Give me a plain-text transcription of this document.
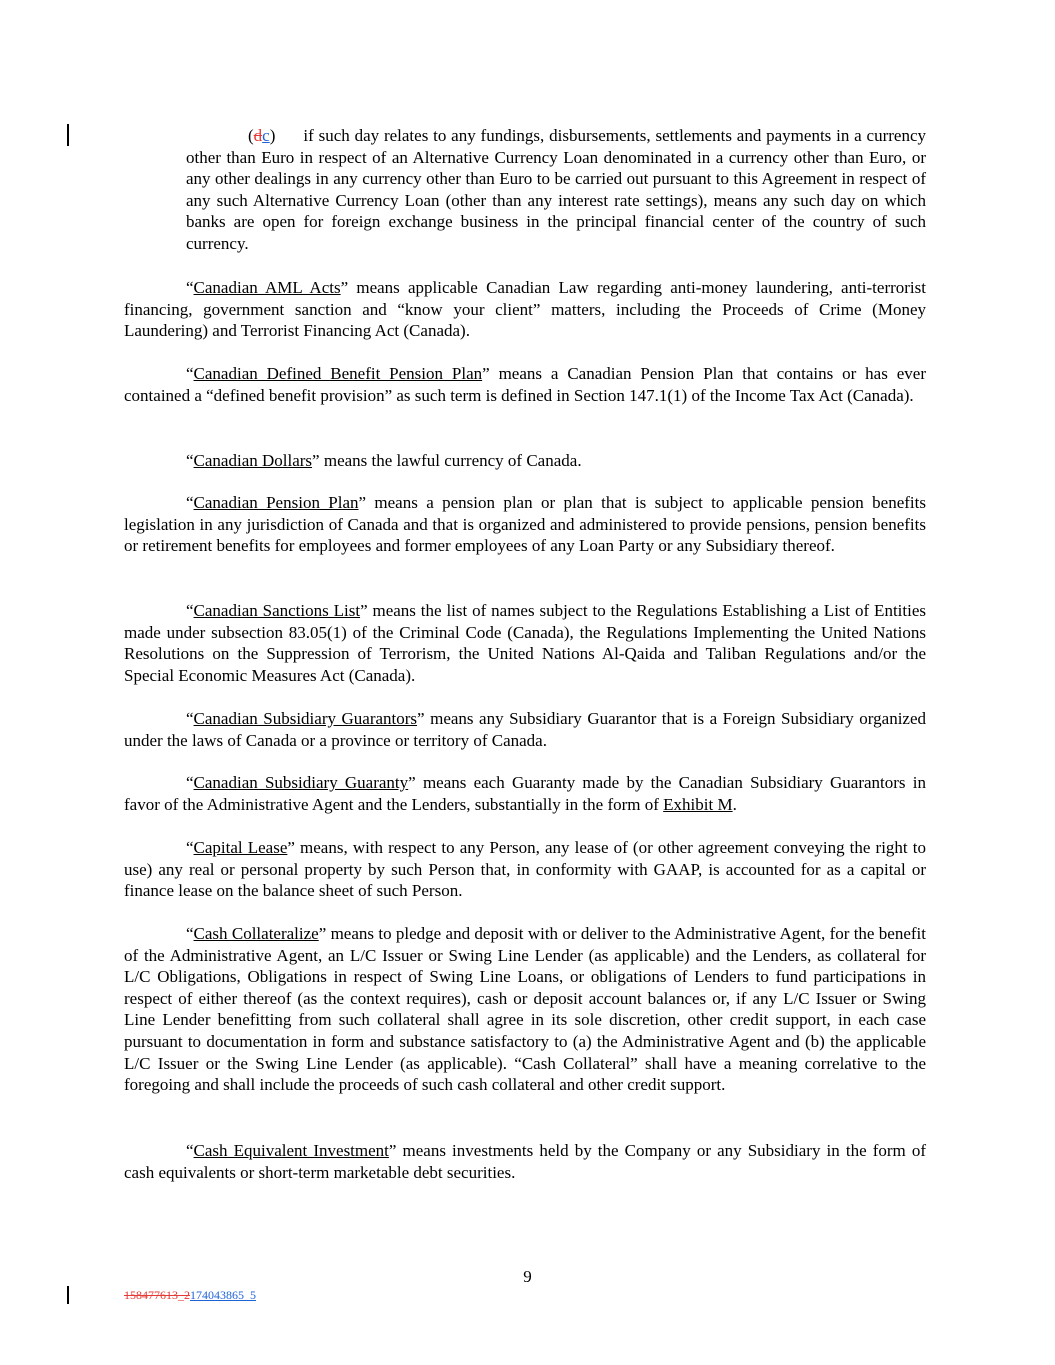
(dc) if such day relates to any fundings, disbursements, settlements and payments in a currency other than Euro in respect of an Alternative Currency Loan denominated in a currency other than Euro, or any other dealings in any currency other than Euro to be carried out pursuant to this Agreement in respect of any such Alternative Currency Loan (other than any interest rate settings), means any such day on which banks are open for foreign exchange business in the principal financial center of the country of such currency.
“Canadian AML Acts” means applicable Canadian Law regarding anti-money laundering, anti-terrorist financing, government sanction and “know your client” matters, including the Proceeds of Crime (Money Laundering) and Terrorist Financing Act (Canada).
“Canadian Defined Benefit Pension Plan” means a Canadian Pension Plan that contains or has ever contained a “defined benefit provision” as such term is defined in Section 147.1(1) of the Income Tax Act (Canada).
“Canadian Dollars” means the lawful currency of Canada.
“Canadian Pension Plan” means a pension plan or plan that is subject to applicable pension benefits legislation in any jurisdiction of Canada and that is organized and administered to provide pensions, pension benefits or retirement benefits for employees and former employees of any Loan Party or any Subsidiary thereof.
“Canadian Sanctions List” means the list of names subject to the Regulations Establishing a List of Entities made under subsection 83.05(1) of the Criminal Code (Canada), the Regulations Implementing the United Nations Resolutions on the Suppression of Terrorism, the United Nations Al-Qaida and Taliban Regulations and/or the Special Economic Measures Act (Canada).
“Canadian Subsidiary Guarantors” means any Subsidiary Guarantor that is a Foreign Subsidiary organized under the laws of Canada or a province or territory of Canada.
“Canadian Subsidiary Guaranty” means each Guaranty made by the Canadian Subsidiary Guarantors in favor of the Administrative Agent and the Lenders, substantially in the form of Exhibit M.
“Capital Lease” means, with respect to any Person, any lease of (or other agreement conveying the right to use) any real or personal property by such Person that, in conformity with GAAP, is accounted for as a capital or finance lease on the balance sheet of such Person.
“Cash Collateralize” means to pledge and deposit with or deliver to the Administrative Agent, for the benefit of the Administrative Agent, an L/C Issuer or Swing Line Lender (as applicable) and the Lenders, as collateral for L/C Obligations, Obligations in respect of Swing Line Loans, or obligations of Lenders to fund participations in respect of either thereof (as the context requires), cash or deposit account balances or, if any L/C Issuer or Swing Line Lender benefitting from such collateral shall agree in its sole discretion, other credit support, in each case pursuant to documentation in form and substance satisfactory to (a) the Administrative Agent and (b) the applicable L/C Issuer or the Swing Line Lender (as applicable). “Cash Collateral” shall have a meaning correlative to the foregoing and shall include the proceeds of such cash collateral and other credit support.
“Cash Equivalent Investment” means investments held by the Company or any Subsidiary in the form of cash equivalents or short-term marketable debt securities.
9
158477613_2174043865_5
